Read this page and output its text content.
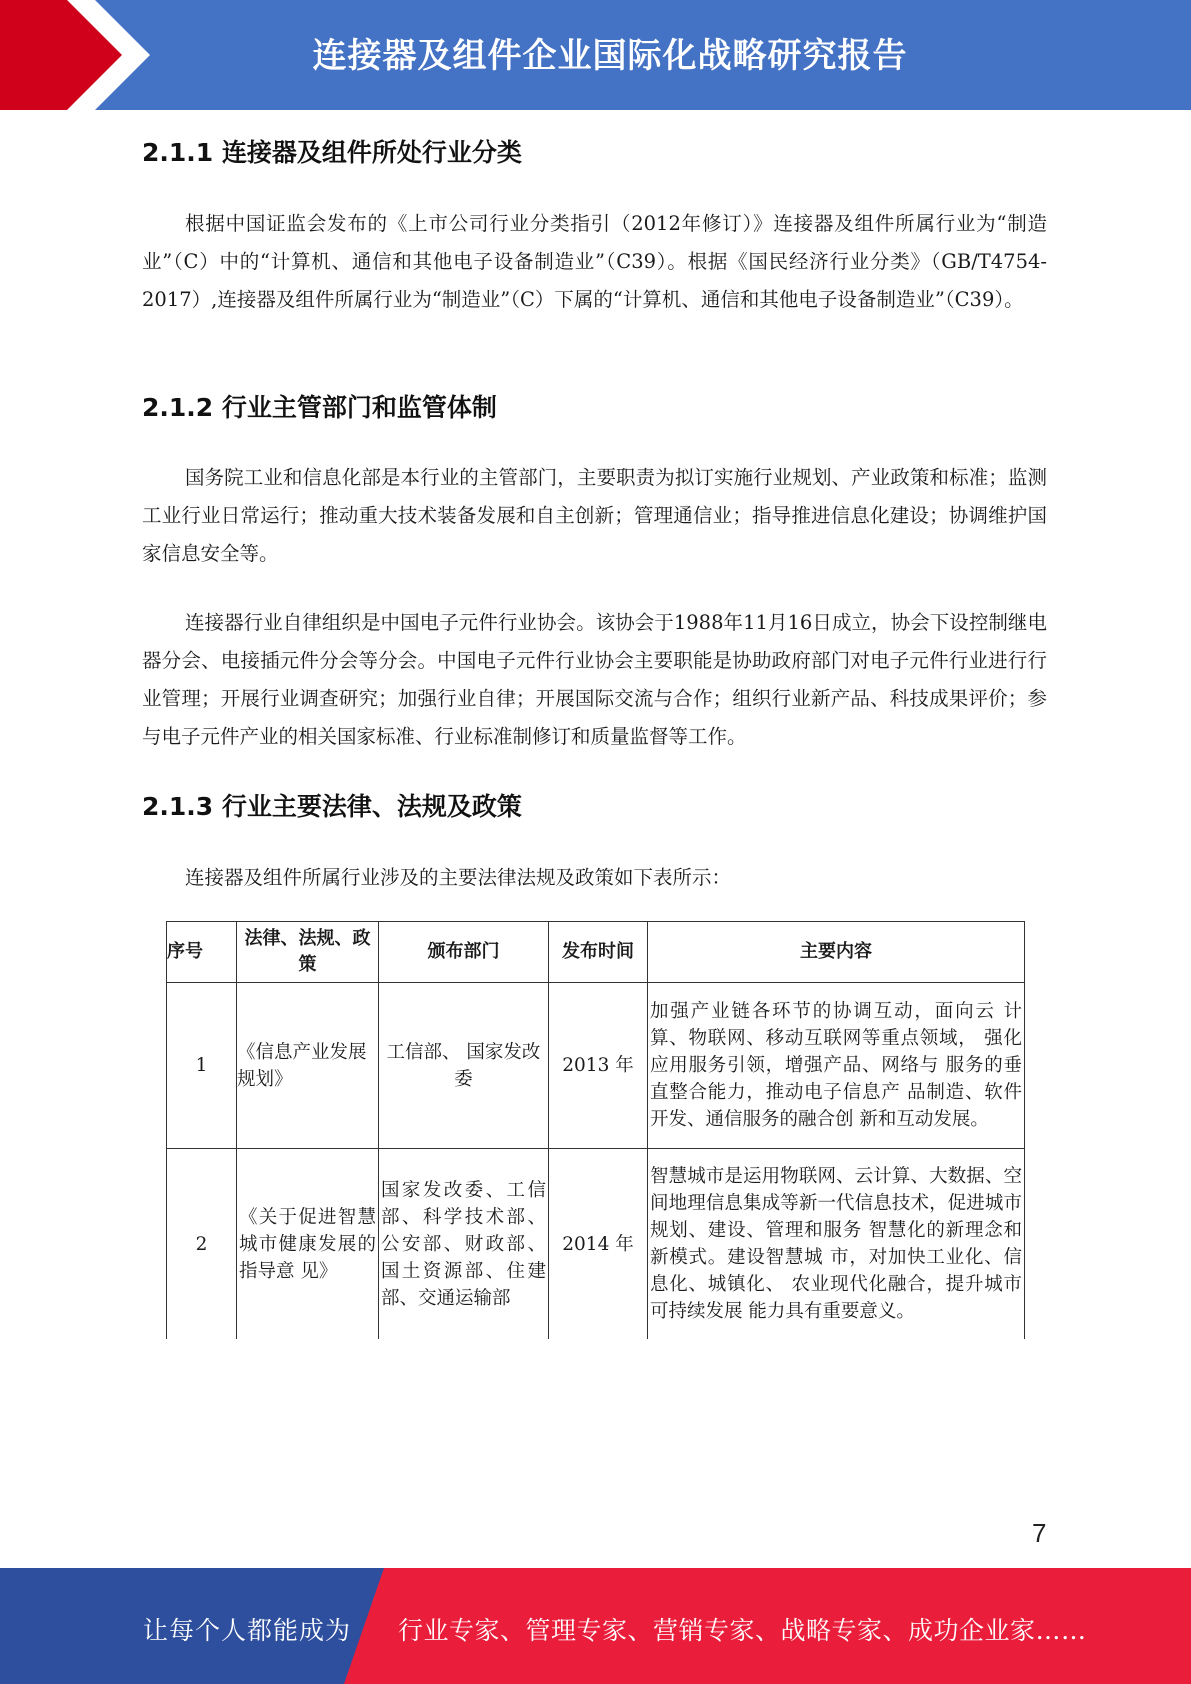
连接器及组件企业国际化战略研究报告
2.1.1 连接器及组件所处行业分类
根据中国证监会发布的《上市公司行业分类指引（2012年修订）》连接器及组件所属行业为“制造业”（C）中的“计算机、通信和其他电子设备制造业”（C39）。根据《国民经济行业分类》（GB/T4754-2017）,连接器及组件所属行业为“制造业”（C）下属的“计算机、通信和其他电子设备制造业”（C39）。
2.1.2 行业主管部门和监管体制
国务院工业和信息化部是本行业的主管部门，主要职责为拟订实施行业规划、产业政策和标准；监测工业行业日常运行；推动重大技术装备发展和自主创新；管理通信业；指导推进信息化建设；协调维护国家信息安全等。
连接器行业自律组织是中国电子元件行业协会。该协会于1988年11月16日成立，协会下设控制继电器分会、电接插元件分会等分会。中国电子元件行业协会主要职能是协助政府部门对电子元件行业进行行业管理；开展行业调查研究；加强行业自律；开展国际交流与合作；组织行业新产品、科技成果评价；参与电子元件产业的相关国家标准、行业标准制修订和质量监督等工作。
2.1.3 行业主要法律、法规及政策
连接器及组件所属行业涉及的主要法律法规及政策如下表所示：
序号	法律、法规、政策	颁布部门	发布时间	主要内容
1	《信息产业发展规划》	工信部、 国家发改委	2013 年	加强产业链各环节的协调互动，面向云 计算、物联网、移动互联网等重点领域， 强化应用服务引领，增强产品、网络与 服务的垂直整合能力，推动电子信息产 品制造、软件开发、通信服务的融合创 新和互动发展。
2	《关于促进智慧城市健康发展的指导意 见》	国家发改委、工信部、科学技术部、公安部、财政部、国土资源部、住建部、交通运输部	2014 年	智慧城市是运用物联网、云计算、大数据、空间地理信息集成等新一代信息技术，促进城市规划、建设、管理和服务 智慧化的新理念和新模式。建设智慧城 市，对加快工业化、信息化、城镇化、 农业现代化融合，提升城市可持续发展 能力具有重要意义。
7
让每个人都能成为 行业专家、管理专家、营销专家、战略专家、成功企业家……
